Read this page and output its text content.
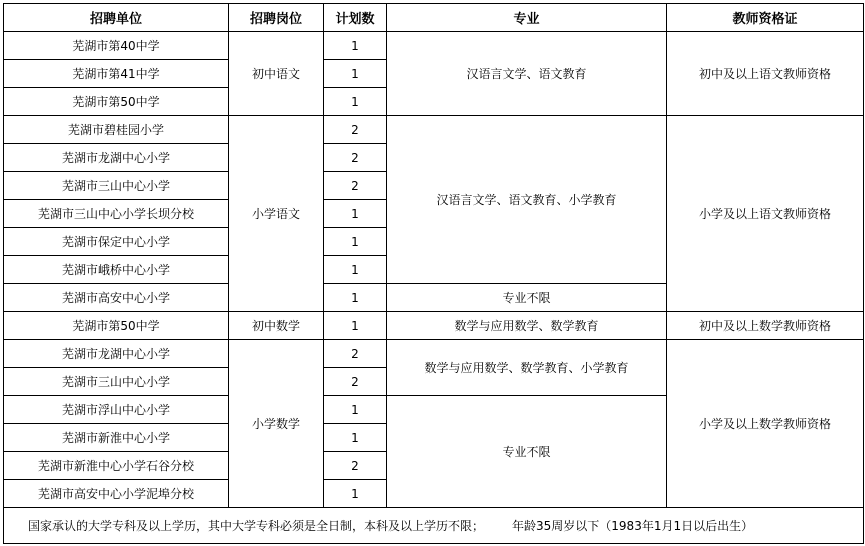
招聘单位	招聘岗位	计划数	专业	教师资格证
芜湖市第40中学	初中语文	1	汉语言文学、语文教育	初中及以上语文教师资格
芜湖市第41中学		1		
芜湖市第50中学		1		
芜湖市碧桂园小学	小学语文	2	汉语言文学、语文教育、小学教育	小学及以上语文教师资格
芜湖市龙湖中心小学		2		
芜湖市三山中心小学		2		
芜湖市三山中心小学长坝分校		1		
芜湖市保定中心小学		1		
芜湖市峨桥中心小学		1		
芜湖市高安中心小学		1	专业不限	
芜湖市第50中学	初中数学	1	数学与应用数学、数学教育	初中及以上数学教师资格
芜湖市龙湖中心小学	小学数学	2	数学与应用数学、数学教育、小学教育	小学及以上数学教师资格
芜湖市三山中心小学		2		
芜湖市浮山中心小学		1	专业不限	
芜湖市新淮中心小学		1		
芜湖市新淮中心小学石谷分校		2		
芜湖市高安中心小学泥埠分校		1		
国家承认的大学专科及以上学历，其中大学专科必须是全日制，本科及以上学历不限； 年龄35周岁以下（1983年1月1日以后出生）				
